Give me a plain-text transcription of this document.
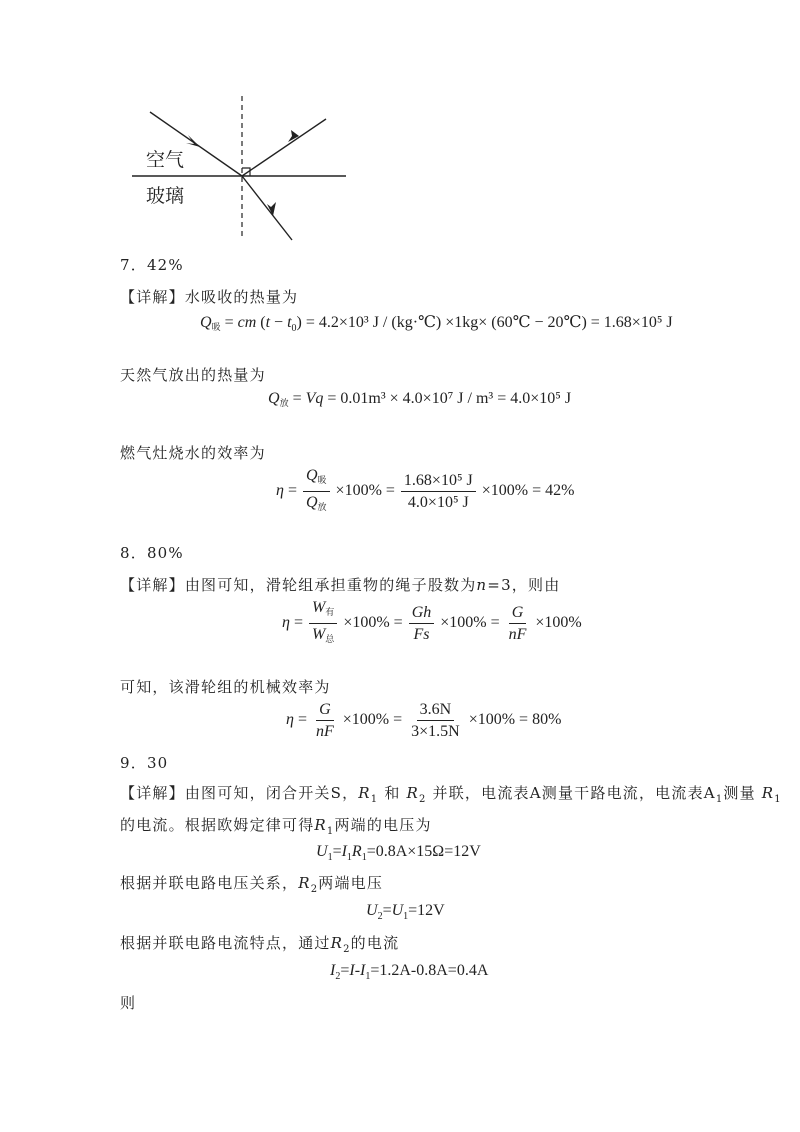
空气
玻璃
7．42%
【详解】水吸收的热量为
Q吸 = cm $(t - t_0) = 4.2\times 10^3$ J / (kg·℃) ×1kg× (60℃ − 20℃) = 1.68×10⁵ J
天然气放出的热量为
Q放 = Vq = 0.01m³ × 4.0×10⁷ J / m³ = 4.0×10⁵ J
燃气灶烧水的效率为
$\eta = \frac{\text{Q吸}}{\text{Q放}} \times 100\% = \frac{\text{1.68×10⁵ J}}{\text{4.0×10⁵ J}} \times 100\% = 42\%$
8．80%
【详解】由图可知，滑轮组承担重物的绳子股数为n=3，则由
$\eta = \frac{\text{W有}}{\text{W总}} \times 100\% = \frac{Gh}{Fs} \times 100\% = \frac{G}{nF} \times 100\%$
可知，该滑轮组的机械效率为
$\eta = \frac{G}{nF} \times 100\% = \frac{3.6N}{3\times 1.5N} \times 100\% = 80\%$
9．30
【详解】由图可知，闭合开关S，$R_1$ 和 $R_2$ 并联，电流表A测量干路电流，电流表$A_1$测量 $R_1$
的电流。根据欧姆定律可得$R_1$两端的电压为
$U_1=I_1R_1=0.8A\times 15\Omega=12V$
根据并联电路电压关系，$R_2$两端电压
$U_2=U_1=12V$
根据并联电路电流特点，通过$R_2$的电流
$I_2=I-I_1=1.2A-0.8A=0.4A$
则
